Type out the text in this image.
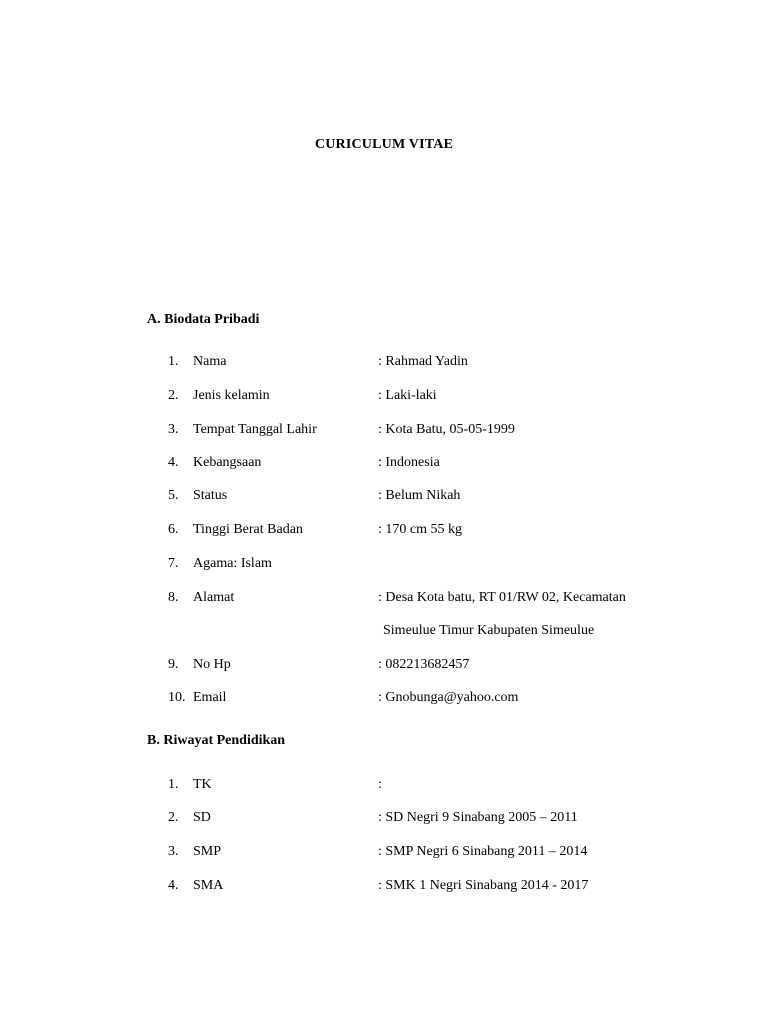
CURICULUM VITAE
A. Biodata Pribadi
1. Nama	: Rahmad Yadin
2. Jenis kelamin	: Laki-laki
3. Tempat Tanggal Lahir	: Kota Batu, 05-05-1999
4. Kebangsaan	: Indonesia
5. Status	: Belum Nikah
6. Tinggi Berat Badan	: 170 cm 55 kg
7. Agama: Islam
8. Alamat	: Desa Kota batu, RT 01/RW 02, Kecamatan
Simeulue Timur Kabupaten Simeulue
9. No Hp	: 082213682457
10. Email	: Gnobunga@yahoo.com
B. Riwayat Pendidikan
1. TK	:
2. SD	: SD Negri 9 Sinabang 2005 – 2011
3. SMP	: SMP Negri 6 Sinabang 2011 – 2014
4. SMA	: SMK 1 Negri Sinabang 2014 - 2017
